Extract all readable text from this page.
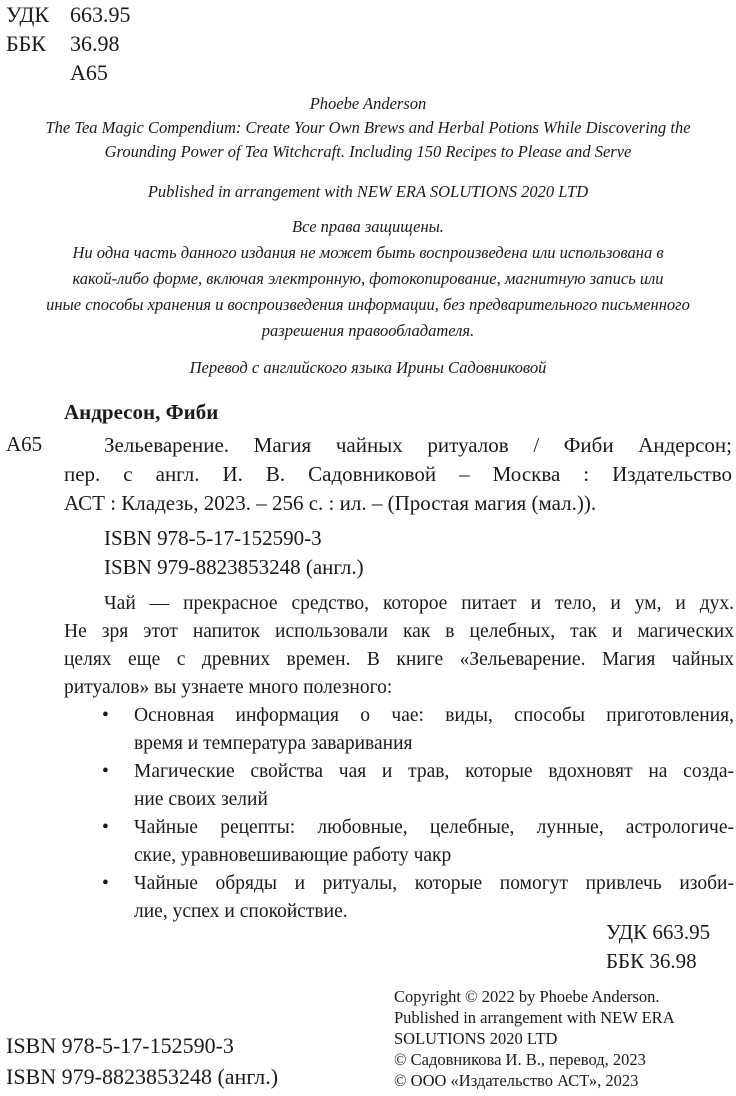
УДК 663.95
ББК 36.98
А65
Phoebe Anderson
The Tea Magic Compendium: Create Your Own Brews and Herbal Potions While Discovering the
Grounding Power of Tea Witchcraft. Including 150 Recipes to Please and Serve
Published in arrangement with NEW ERA SOLUTIONS 2020 LTD
Все права защищены.
Ни одна часть данного издания не может быть воспроизведена или использована в
какой-либо форме, включая электронную, фотокопирование, магнитную запись или
иные способы хранения и воспроизведения информации, без предварительного письменного
разрешения правообладателя.
Перевод с английского языка Ирины Садовниковой
Андресон, Фиби
А65	Зельеварение. Магия чайных ритуалов / Фиби Андерсон;
пер. с англ. И. В. Садовниковой – Москва : Издательство
АСТ : Кладезь, 2023. – 256 с. : ил. – (Простая магия (мал.)).
ISBN 978-5-17-152590-3
ISBN 979-8823853248 (англ.)
Чай — прекрасное средство, которое питает и тело, и ум, и дух.
Не зря этот напиток использовали как в целебных, так и магических
целях еще с древних времен. В книге «Зельеварение. Магия чайных
ритуалов» вы узнаете много полезного:
• Основная информация о чае: виды, способы приготовления,
время и температура заваривания
• Магические свойства чая и трав, которые вдохновят на созда-
ние своих зелий
• Чайные рецепты: любовные, целебные, лунные, астрологиче-
ские, уравновешивающие работу чакр
• Чайные обряды и ритуалы, которые помогут привлечь изоби-
лие, успех и спокойствие.
УДК 663.95
ББК 36.98
Copyright © 2022 by Phoebe Anderson.
Published in arrangement with NEW ERA
SOLUTIONS 2020 LTD
© Садовникова И. В., перевод, 2023
© ООО «Издательство АСТ», 2023
ISBN 978-5-17-152590-3
ISBN 979-8823853248 (англ.)
